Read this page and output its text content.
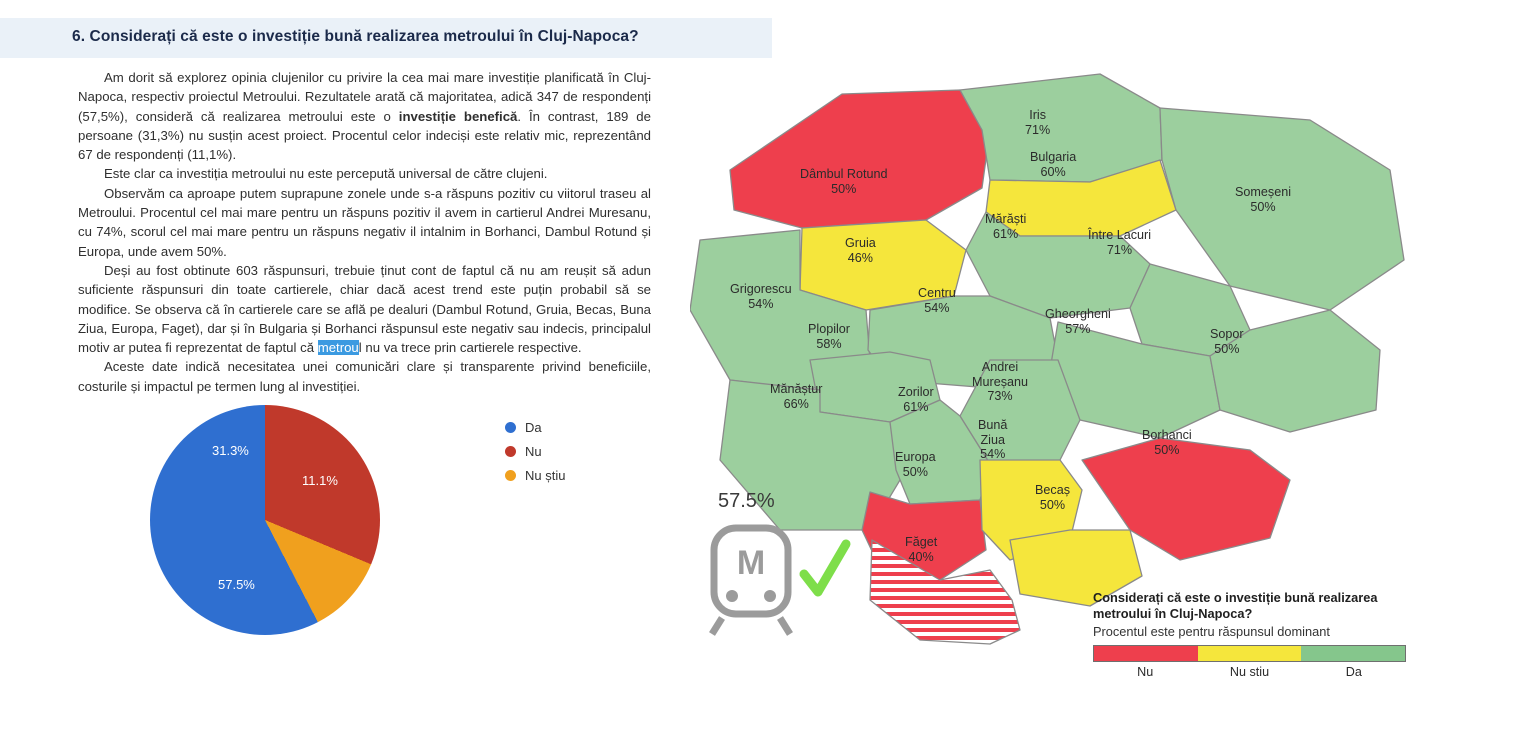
6. Considerați că este o investiție bună realizarea metroului în Cluj-Napoca?

Am dorit să explorez opinia clujenilor cu privire la cea mai mare investiție planificată în Cluj-Napoca, respectiv proiectul Metroului. Rezultatele arată că majoritatea, adică 347 de respondenți (57,5%), consideră că realizarea metroului este o investiție benefică. În contrast, 189 de persoane (31,3%) nu susțin acest proiect. Procentul celor indeciși este relativ mic, reprezentând 67 de respondenți (11,1%).

Este clar ca investiția metroului nu este percepută universal de către clujeni.

Observăm ca aproape putem suprapune zonele unde s-a răspuns pozitiv cu viitorul traseu al Metroului. Procentul cel mai mare pentru un răspuns pozitiv il avem in cartierul Andrei Muresanu, cu 74%, scorul cel mai mare pentru un răspuns negativ il intalnim in Borhanci, Dambul Rotund și Europa, unde avem 50%.

Deși au fost obtinute 603 răspunsuri, trebuie ținut cont de faptul că nu am reușit să adun suficiente răspunsuri din toate cartierele, chiar dacă acest trend este puțin probabil să se modifice. Se observa că în cartierele care se află pe dealuri (Dambul Rotund, Gruia, Becas, Buna Ziua, Europa, Faget), dar și în Bulgaria și Borhanci răspunsul este negativ sau indecis, principalul motiv ar putea fi reprezentat de faptul că metroul nu va trece prin cartierele respective.

Aceste date indică necesitatea unei comunicări clare și transparente privind beneficiile, costurile și impactul pe termen lung al investiției.

57.5%
31.3%
11.1%
Da
Nu
Nu știu
Iris
71%
Bulgaria
60%
Someșeni
50%
Dâmbul Rotund
50%
Mărăști
61%	Între Lacuri
71%
Gruia
46%
Grigorescu
54%
Centru
54%	Gheorgheni
57%	Sopor
50%
Plopilor
58%
Andrei
Mureșanu
73%
Mănăștur
66%
Zorilor
61%
Bună
Ziua
54%
Borhanci
50%
Europa
50%
Becaș
50%
Făget
40%
57.5%
M
Considerați că este o investiție bună realizarea metroului în Cluj-Napoca?
Procentul este pentru răspunsul dominant
Nu	Nu stiu	Da
